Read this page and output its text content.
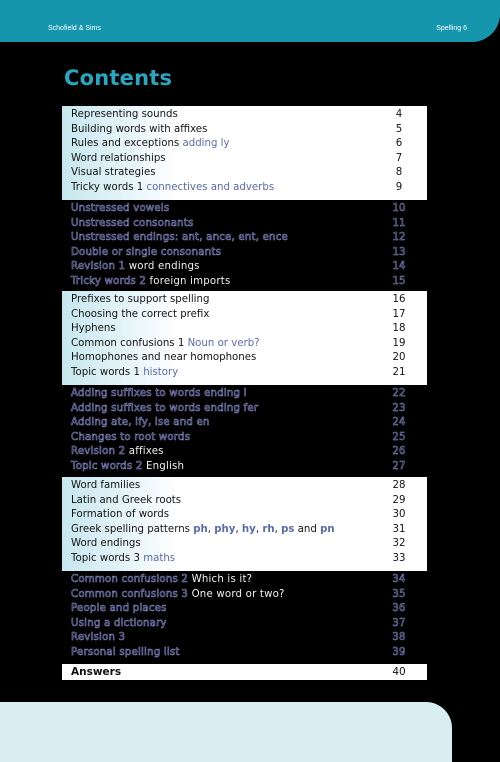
Schofield & Sims	Spelling 6
Contents
Representing sounds	4
Building words with affixes	5
Rules and exceptions adding ly	6
Word relationships	7
Visual strategies	8
Tricky words 1 connectives and adverbs	9
Unstressed vowels	10
Unstressed consonants	11
Unstressed endings: ant, ance, ent, ence	12
Double or single consonants	13
Revision 1 word endings	14
Tricky words 2 foreign imports	15
Prefixes to support spelling	16
Choosing the correct prefix	17
Hyphens	18
Common confusions 1 Noun or verb?	19
Homophones and near homophones	20
Topic words 1 history	21
Adding suffixes to words ending l	22
Adding suffixes to words ending fer	23
Adding ate, ify, ise and en	24
Changes to root words	25
Revision 2 affixes	26
Topic words 2 English	27
Word families	28
Latin and Greek roots	29
Formation of words	30
Greek spelling patterns ph, phy, hy, rh, ps and pn	31
Word endings	32
Topic words 3 maths	33
Common confusions 2 Which is it?	34
Common confusions 3 One word or two?	35
People and places	36
Using a dictionary	37
Revision 3	38
Personal spelling list	39
Answers	40
